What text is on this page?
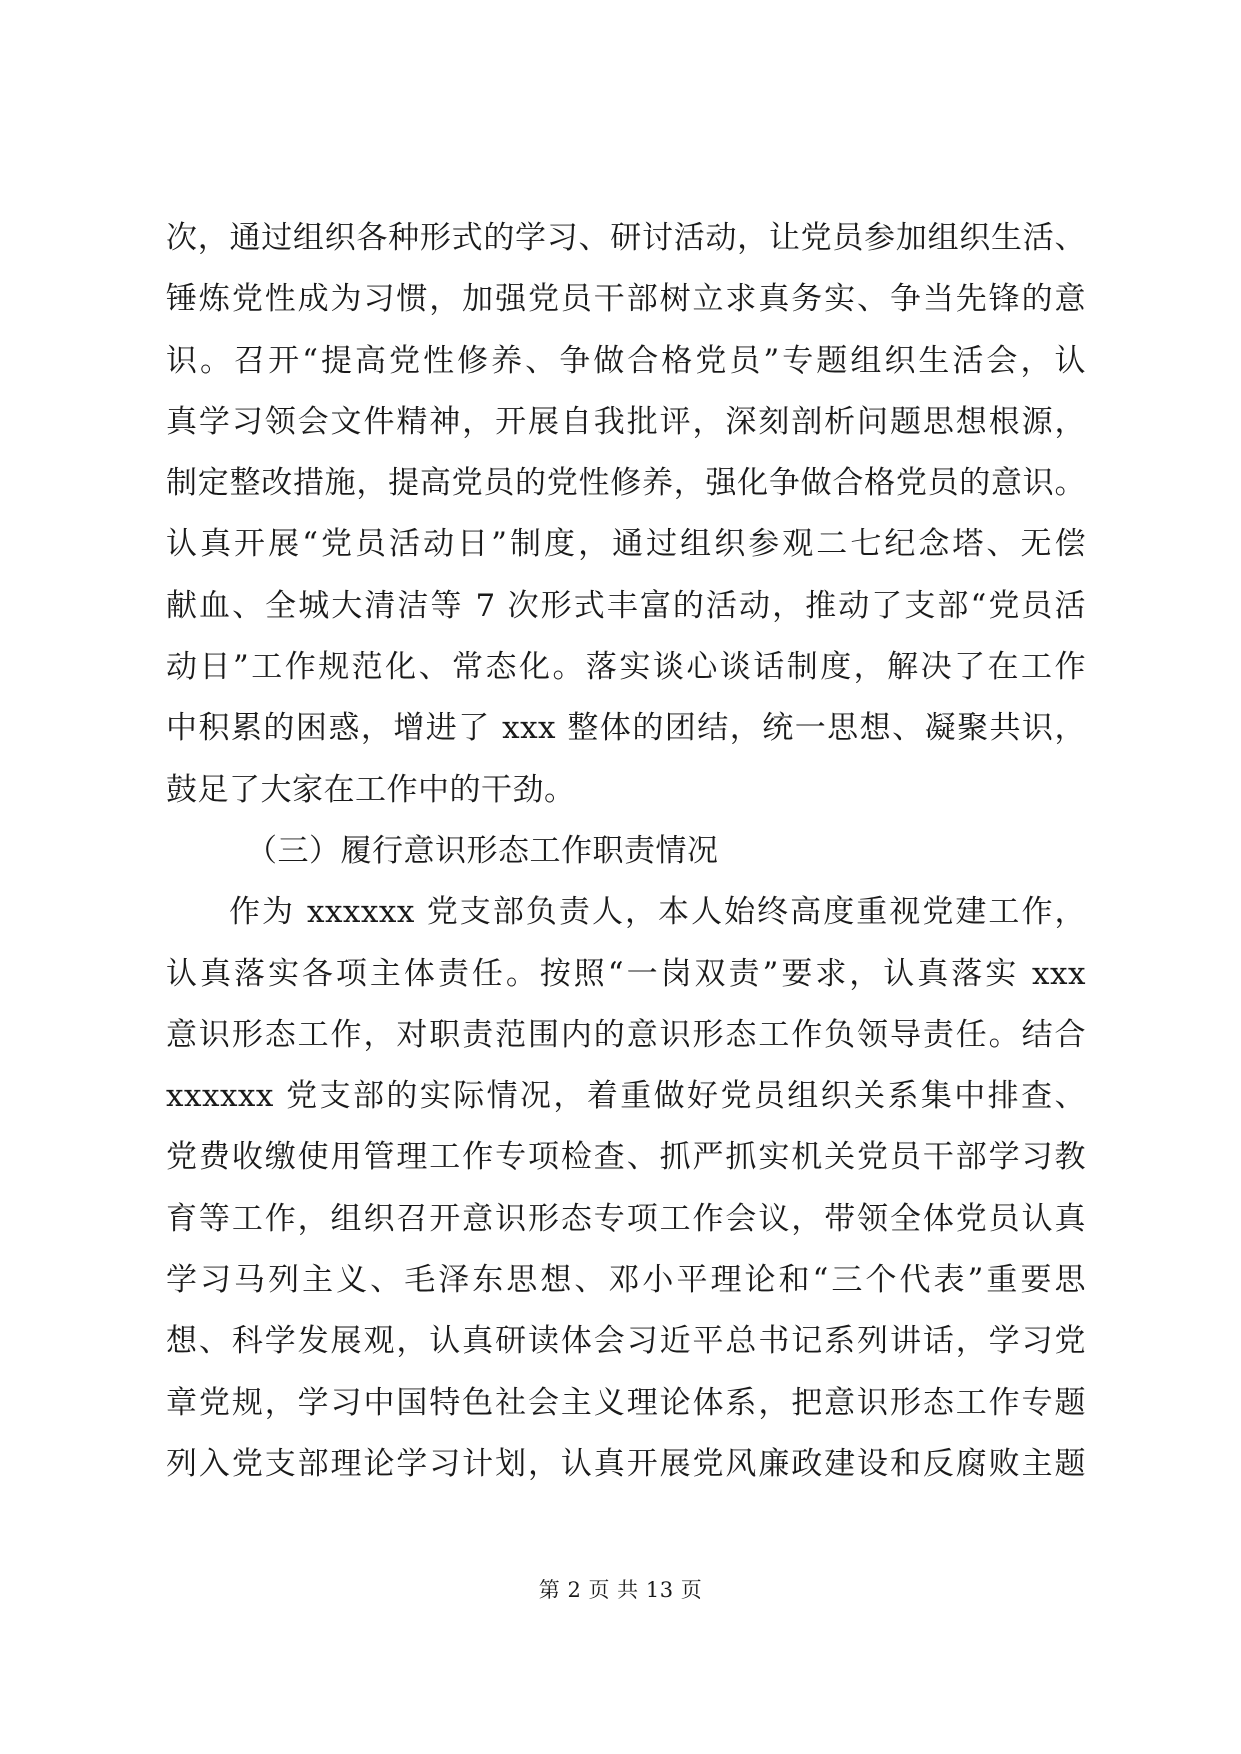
次，通过组织各种形式的学习、研讨活动，让党员参加组织生活、
锤炼党性成为习惯，加强党员干部树立求真务实、争当先锋的意
识。召开“提高党性修养、争做合格党员”专题组织生活会，认
真学习领会文件精神，开展自我批评，深刻剖析问题思想根源，
制定整改措施，提高党员的党性修养，强化争做合格党员的意识。
认真开展“党员活动日”制度，通过组织参观二七纪念塔、无偿
献血、全城大清洁等 7 次形式丰富的活动，推动了支部“党员活
动日”工作规范化、常态化。落实谈心谈话制度，解决了在工作
中积累的困惑，增进了 xxx 整体的团结，统一思想、凝聚共识，
鼓足了大家在工作中的干劲。
（三）履行意识形态工作职责情况
作为 xxxxxx 党支部负责人，本人始终高度重视党建工作，
认真落实各项主体责任。按照“一岗双责”要求，认真落实 xxx
意识形态工作，对职责范围内的意识形态工作负领导责任。结合
xxxxxx 党支部的实际情况，着重做好党员组织关系集中排查、
党费收缴使用管理工作专项检查、抓严抓实机关党员干部学习教
育等工作，组织召开意识形态专项工作会议，带领全体党员认真
学习马列主义、毛泽东思想、邓小平理论和“三个代表”重要思
想、科学发展观，认真研读体会习近平总书记系列讲话，学习党
章党规，学习中国特色社会主义理论体系，把意识形态工作专题
列入党支部理论学习计划，认真开展党风廉政建设和反腐败主题
第 2 页 共 13 页
